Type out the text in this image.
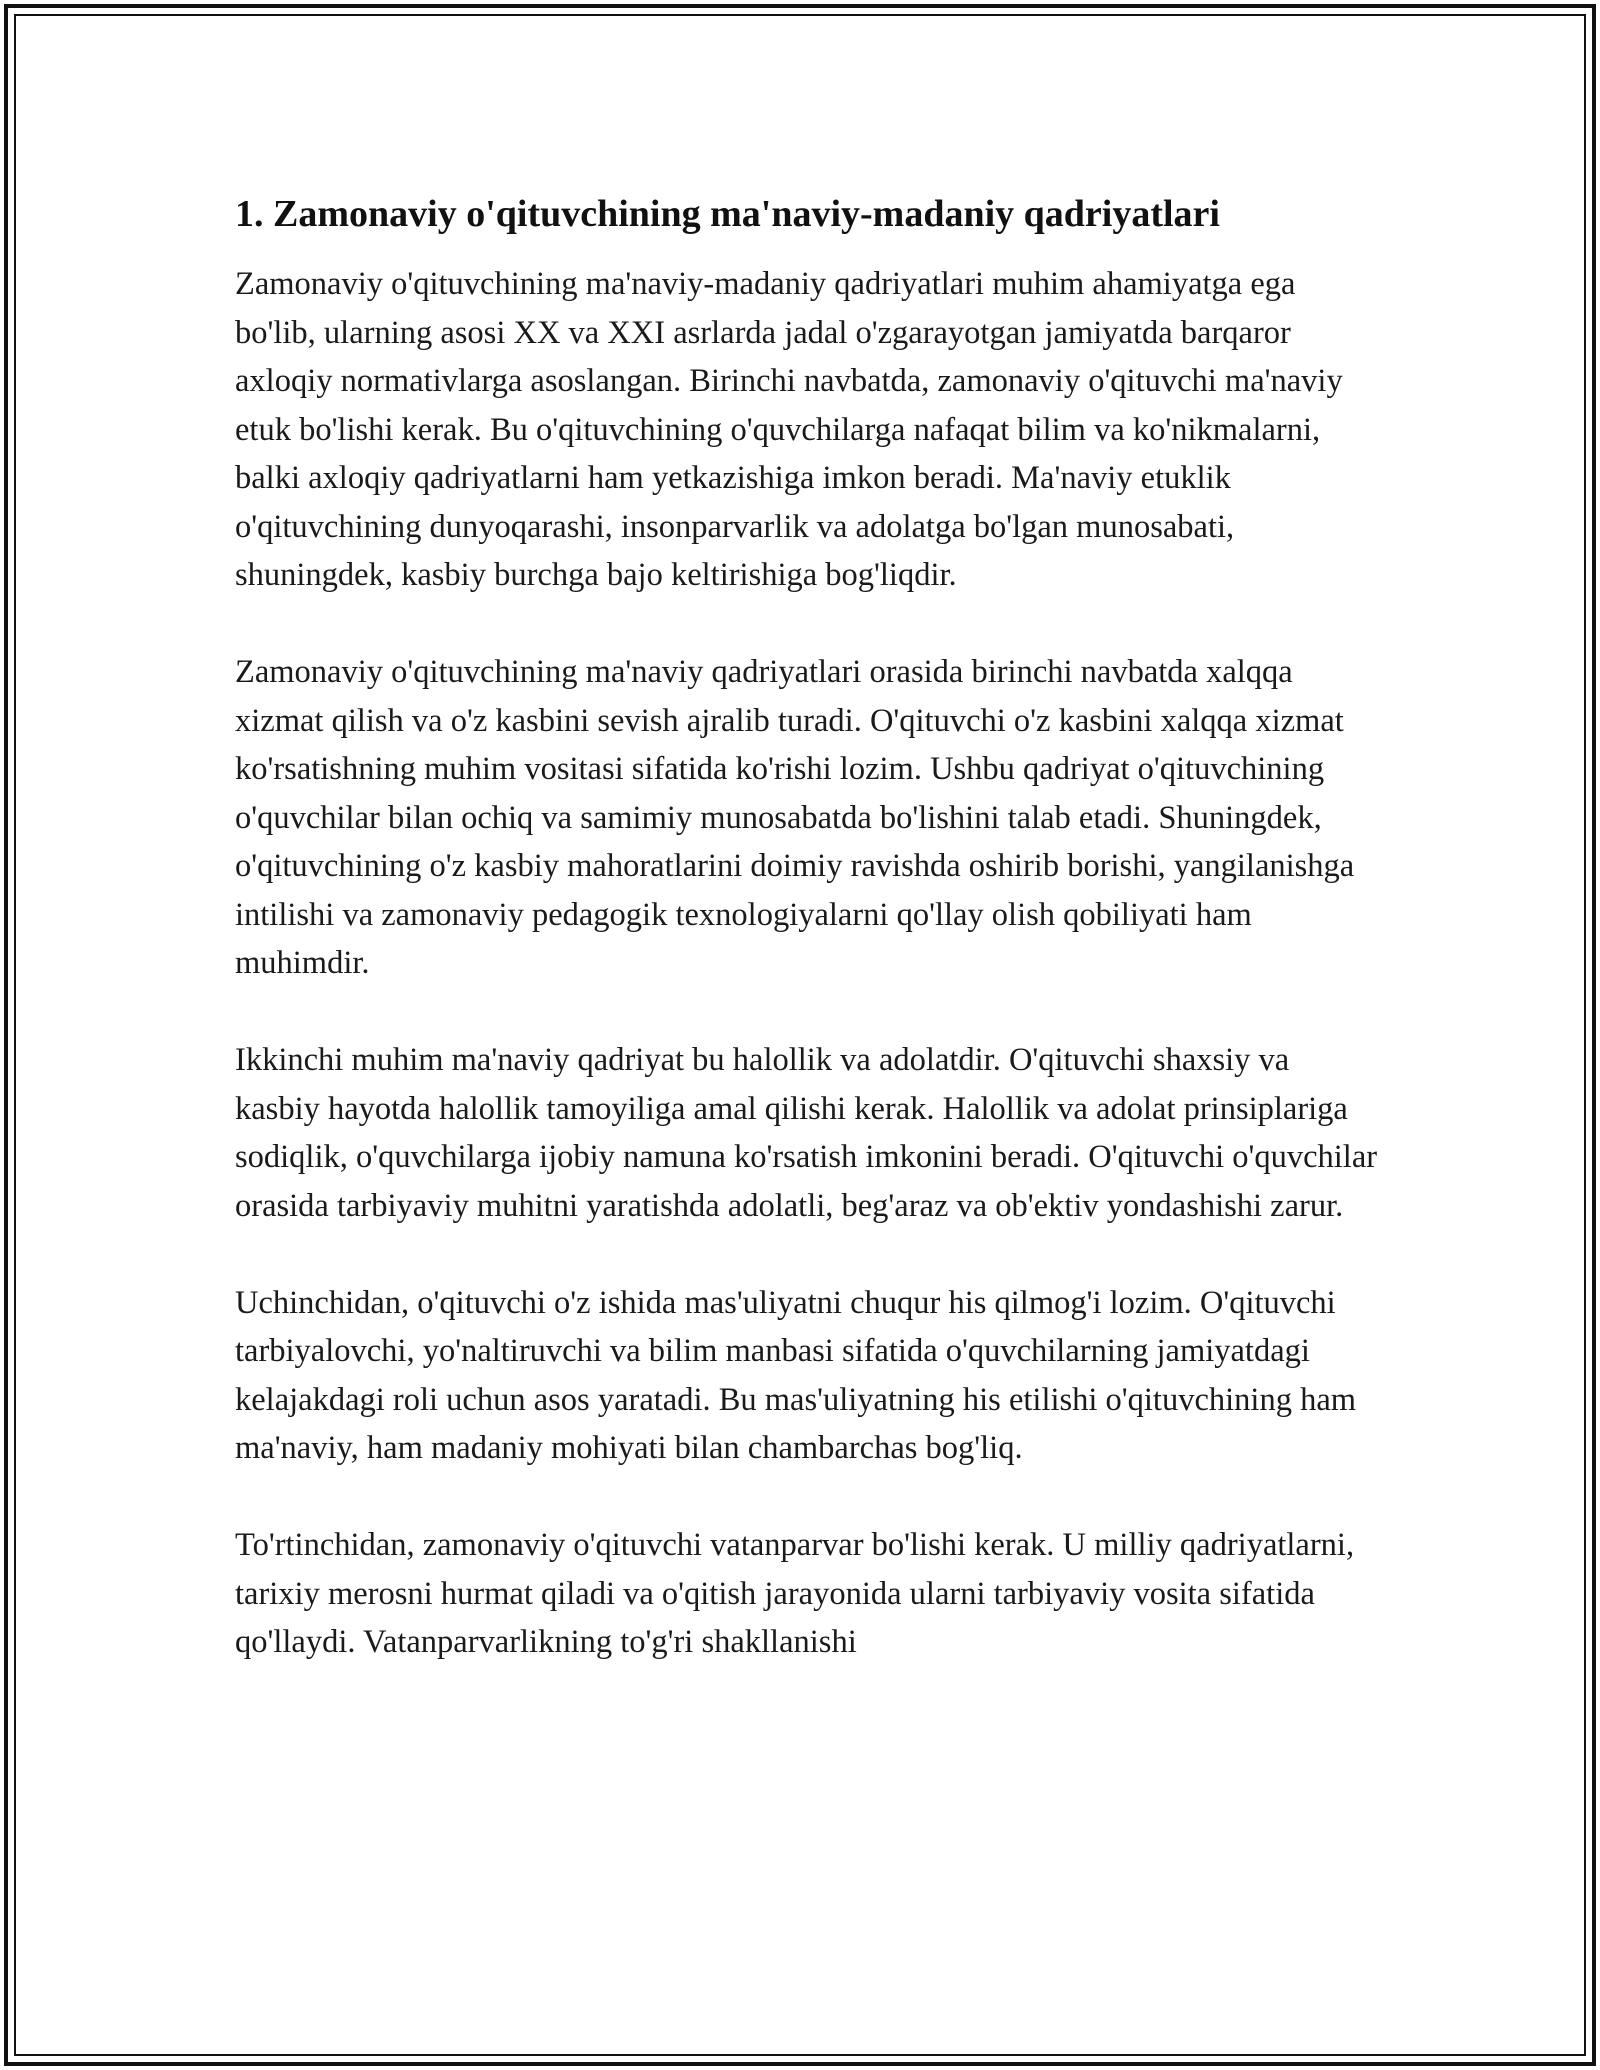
1. Zamonaviy o'qituvchining ma'naviy-madaniy qadriyatlari

Zamonaviy o'qituvchining ma'naviy-madaniy qadriyatlari muhim ahamiyatga ega bo'lib, ularning asosi XX va XXI asrlarda jadal o'zgarayotgan jamiyatda barqaror axloqiy normativlarga asoslangan. Birinchi navbatda, zamonaviy o'qituvchi ma'naviy etuk bo'lishi kerak. Bu o'qituvchining o'quvchilarga nafaqat bilim va ko'nikmalarni, balki axloqiy qadriyatlarni ham yetkazishiga imkon beradi. Ma'naviy etuklik o'qituvchining dunyoqarashi, insonparvarlik va adolatga bo'lgan munosabati, shuningdek, kasbiy burchga bajo keltirishiga bog'liqdir.

Zamonaviy o'qituvchining ma'naviy qadriyatlari orasida birinchi navbatda xalqqa xizmat qilish va o'z kasbini sevish ajralib turadi. O'qituvchi o'z kasbini xalqqa xizmat ko'rsatishning muhim vositasi sifatida ko'rishi lozim. Ushbu qadriyat o'qituvchining o'quvchilar bilan ochiq va samimiy munosabatda bo'lishini talab etadi. Shuningdek, o'qituvchining o'z kasbiy mahoratlarini doimiy ravishda oshirib borishi, yangilanishga intilishi va zamonaviy pedagogik texnologiyalarni qo'llay olish qobiliyati ham muhimdir.

Ikkinchi muhim ma'naviy qadriyat bu halollik va adolatdir. O'qituvchi shaxsiy va kasbiy hayotda halollik tamoyiliga amal qilishi kerak. Halollik va adolat prinsiplariga sodiqlik, o'quvchilarga ijobiy namuna ko'rsatish imkonini beradi. O'qituvchi o'quvchilar orasida tarbiyaviy muhitni yaratishda adolatli, beg'araz va ob'ektiv yondashishi zarur.

Uchinchidan, o'qituvchi o'z ishida mas'uliyatni chuqur his qilmog'i lozim. O'qituvchi tarbiyalovchi, yo'naltiruvchi va bilim manbasi sifatida o'quvchilarning jamiyatdagi kelajakdagi roli uchun asos yaratadi. Bu mas'uliyatning his etilishi o'qituvchining ham ma'naviy, ham madaniy mohiyati bilan chambarchas bog'liq.

To'rtinchidan, zamonaviy o'qituvchi vatanparvar bo'lishi kerak. U milliy qadriyatlarni, tarixiy merosni hurmat qiladi va o'qitish jarayonida ularni tarbiyaviy vosita sifatida qo'llaydi. Vatanparvarlikning to'g'ri shakllanishi
